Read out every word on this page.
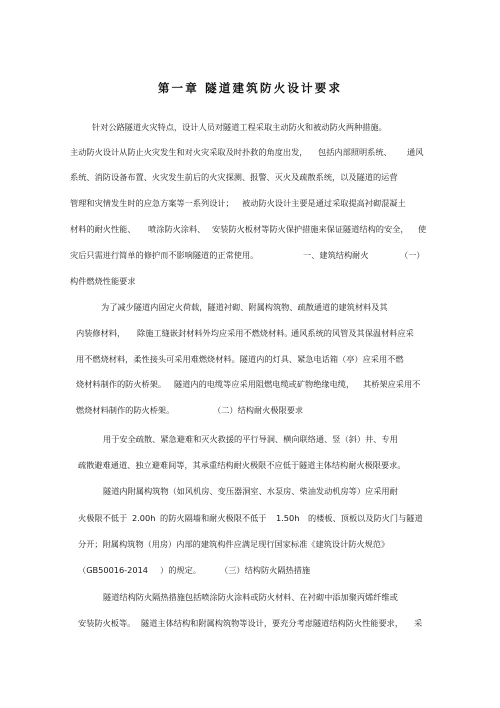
第一章 隧道建筑防火设计要求
针对公路隧道火灾特点，设计人员对隧道工程采取主动防火和被动防火两种措施。
主动防火设计从防止火灾发生和对火灾采取及时扑救的角度出发， 包括内部照明系统、 通风
系统、消防设备布置、火灾发生前后的火灾探测、报警、灭火及疏散系统，以及隧道的运营
管理和灾情发生时的应急方案等一系列设计； 被动防火设计主要是通过采取提高衬砌混凝土
材料的耐火性能、 喷涂防火涂料、 安装防火板材等防火保护措施来保证隧道结构的安全， 使
灾后只需进行简单的修护而不影响隧道的正常使用。	一、建筑结构耐火	（一）
构件燃烧性能要求
为了减少隧道内固定火荷载，隧道衬砌、附属构筑物、疏散通道的建筑材料及其
内装修材料， 除施工缝嵌封材料外均应采用不燃烧材料。
通风系统的风管及其保温材料应采
用不燃烧材料，柔性接头可采用难燃烧材料。隧道内的灯具、紧急电话箱（亭）应采用不燃
烧材料制作的防火桥架。 隧道内的电缆等应采用阻燃电缆或矿物绝缘电缆， 其桥架应采用不
燃烧材料制作的防火桥架。	（二）结构耐火极限要求
用于安全疏散、紧急避难和灭火救援的平行导洞、横向联络通、竖（斜）井、专用
疏散避难通道、独立避难间等，其承重结构耐火极限不应低于隧道主体结构耐火极限要求。
隧道内附属构筑物（如风机房、变压器洞室、水泵房、柴油发动机房等）应采用耐
火极限不低于 2.00h 的防火隔墙和耐火极限不低于 1.50h 的楼板、顶板以及防火门与隧道
分开；附属构筑物（用房）内部的建筑构件应满足现行国家标准《建筑设计防火规范》
（GB50016-2014 ）的规定。 （三）结构防火隔热措施
隧道结构防火隔热措施包括喷涂防火涂料或防火材料、在衬砌中添加聚丙烯纤维或
安装防火板等。 隧道主体结构和附属构筑物等设计， 要充分考虑隧道结构防火性能要求， 采
